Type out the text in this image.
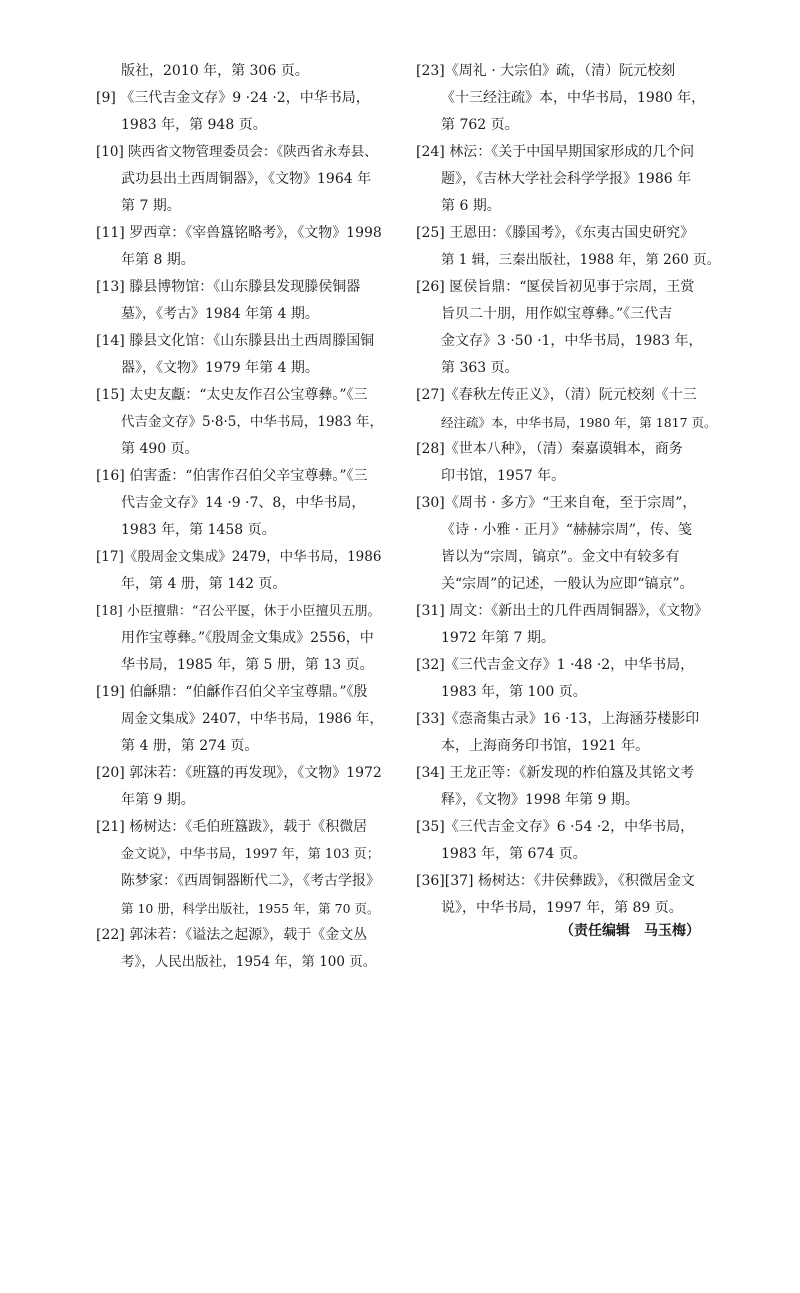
版社，2010 年，第 306 页。
[9] 《三代吉金文存》9 ·24 ·2，中华书局，
1983 年，第 948 页。
[10] 陕西省文物管理委员会：《陕西省永寿县、
武功县出土西周铜器》，《文物》1964 年
第 7 期。
[11] 罗西章：《宰兽簋铭略考》，《文物》1998
年第 8 期。
[13] 滕县博物馆：《山东滕县发现滕侯铜器
墓》，《考古》1984 年第 4 期。
[14] 滕县文化馆：《山东滕县出土西周滕国铜
器》，《文物》1979 年第 4 期。
[15] 太史友甗：“太史友作召公宝尊彝。”《三
代吉金文存》5·8·5，中华书局，1983 年，
第 490 页。
[16] 伯害盉：“伯害作召伯父辛宝尊彝。”《三
代吉金文存》14 ·9 ·7、8，中华书局，
1983 年，第 1458 页。
[17]《殷周金文集成》2479，中华书局，1986
年，第 4 册，第 142 页。
[18] 小臣擅鼎：“召公平匽，休于小臣擅贝五朋。
用作宝尊彝。”《殷周金文集成》2556，中
华书局，1985 年，第 5 册，第 13 页。
[19] 伯龢鼎：“伯龢作召伯父辛宝尊鼎。”《殷
周金文集成》2407，中华书局，1986 年，
第 4 册，第 274 页。
[20] 郭沫若：《班簋的再发现》，《文物》1972
年第 9 期。
[21] 杨树达：《毛伯班簋跋》，载于《积微居
金文说》，中华书局，1997 年，第 103 页；
陈梦家：《西周铜器断代二》，《考古学报》
第 10 册，科学出版社，1955 年，第 70 页。
[22] 郭沫若：《谥法之起源》，载于《金文丛
考》，人民出版社，1954 年，第 100 页。
[23]《周礼 · 大宗伯》疏，（清）阮元校刻
《十三经注疏》本，中华书局，1980 年，
第 762 页。
[24] 林沄：《关于中国早期国家形成的几个问
题》，《吉林大学社会科学学报》1986 年
第 6 期。
[25] 王恩田：《滕国考》，《东夷古国史研究》
第 1 辑，三秦出版社，1988 年，第 260 页。
[26] 匽侯旨鼎：“匽侯旨初见事于宗周，王赏
旨贝二十朋，用作姒宝尊彝。”《三代吉
金文存》3 ·50 ·1，中华书局，1983 年，
第 363 页。
[27]《春秋左传正义》，（清）阮元校刻《十三
经注疏》本，中华书局，1980 年，第 1817 页。
[28]《世本八种》，（清）秦嘉谟辑本，商务
印书馆，1957 年。
[30]《周书 · 多方》“王来自奄，至于宗周”，
《诗 · 小雅 · 正月》“赫赫宗周”，传、笺
皆以为“宗周，镐京”。金文中有较多有
关“宗周”的记述，一般认为应即“镐京”。
[31] 周文：《新出土的几件西周铜器》，《文物》
1972 年第 7 期。
[32]《三代吉金文存》1 ·48 ·2，中华书局，
1983 年，第 100 页。
[33]《悫斋集古录》16 ·13，上海涵芬楼影印
本，上海商务印书馆，1921 年。
[34] 王龙正等：《新发现的柞伯簋及其铭文考
释》，《文物》1998 年第 9 期。
[35]《三代吉金文存》6 ·54 ·2，中华书局，
1983 年，第 674 页。
[36][37] 杨树达：《井侯彝跋》，《积微居金文
说》，中华书局，1997 年，第 89 页。
（责任编辑　马玉梅）
